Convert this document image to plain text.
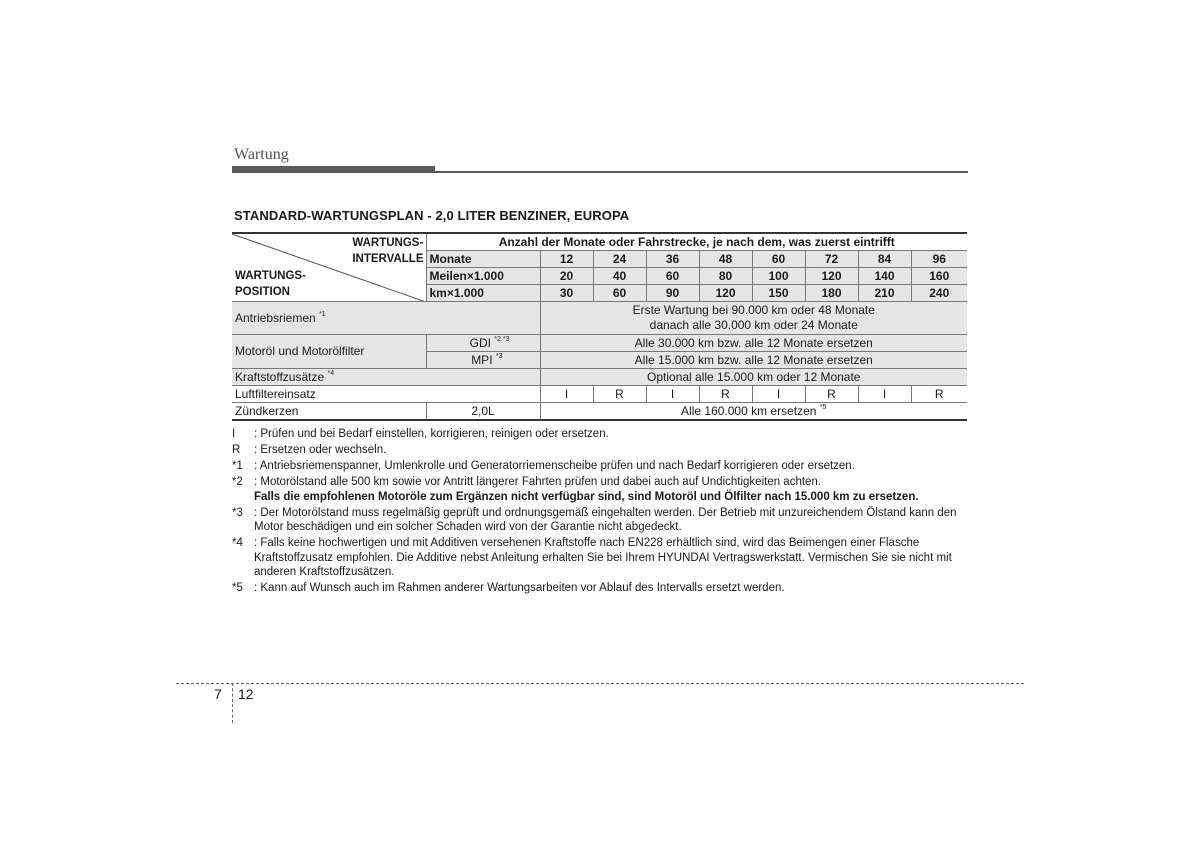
Wartung
STANDARD-WARTUNGSPLAN - 2,0 LITER BENZINER, EUROPA
WARTUNGS-
INTERVALLE
WARTUNGS-
POSITION	Anzahl der Monate oder Fahrstrecke, je nach dem, was zuerst eintrifft								
	Monate	12	24	36	48	60	72	84	96
	Meilen×1.000	20	40	60	80	100	120	140	160
	km×1.000	30	60	90	120	150	180	210	240
Antriebsriemen $^{*1}$		Erste Wartung bei 90.000 km oder 48 Monate
danach alle 30.000 km oder 24 Monate							

Motoröl und Motorölfilter	GDI $^{*2 *3}$	Alle 30.000 km bzw. alle 12 Monate ersetzen							
	MPI $^{*3}$	Alle 15.000 km bzw. alle 12 Monate ersetzen							
Kraftstoffzusätze $^{*4}$		Optional alle 15.000 km oder 12 Monate							
Luftfiltereinsatz		I	R	I	R	I	R	I	R
Zündkerzen	2,0L	Alle 160.000 km ersetzen $^{*5}$
I	: Prüfen und bei Bedarf einstellen, korrigieren, reinigen oder ersetzen.
R	: Ersetzen oder wechseln.
*1 : Antriebsriemenspanner, Umlenkrolle und Generatorriemenscheibe prüfen und nach Bedarf korrigieren oder ersetzen.
*2 : Motorölstand alle 500 km sowie vor Antritt längerer Fahrten prüfen und dabei auch auf Undichtigkeiten achten.
Falls die empfohlenen Motoröle zum Ergänzen nicht verfügbar sind, sind Motoröl und Ölfilter nach 15.000 km zu ersetzen.
*3 : Der Motorölstand muss regelmäßig geprüft und ordnungsgemäß eingehalten werden. Der Betrieb mit unzureichendem Ölstand kann den Motor beschädigen und ein solcher Schaden wird von der Garantie nicht abgedeckt.
*4 : Falls keine hochwertigen und mit Additiven versehenen Kraftstoffe nach EN228 erhältlich sind, wird das Beimengen einer Flasche Kraftstoffzusatz empfohlen. Die Additive nebst Anleitung erhalten Sie bei Ihrem HYUNDAI Vertragswerkstatt. Vermischen Sie sie nicht mit anderen Kraftstoffzusätzen.
*5 : Kann auf Wunsch auch im Rahmen anderer Wartungsarbeiten vor Ablauf des Intervalls ersetzt werden.
7 12
